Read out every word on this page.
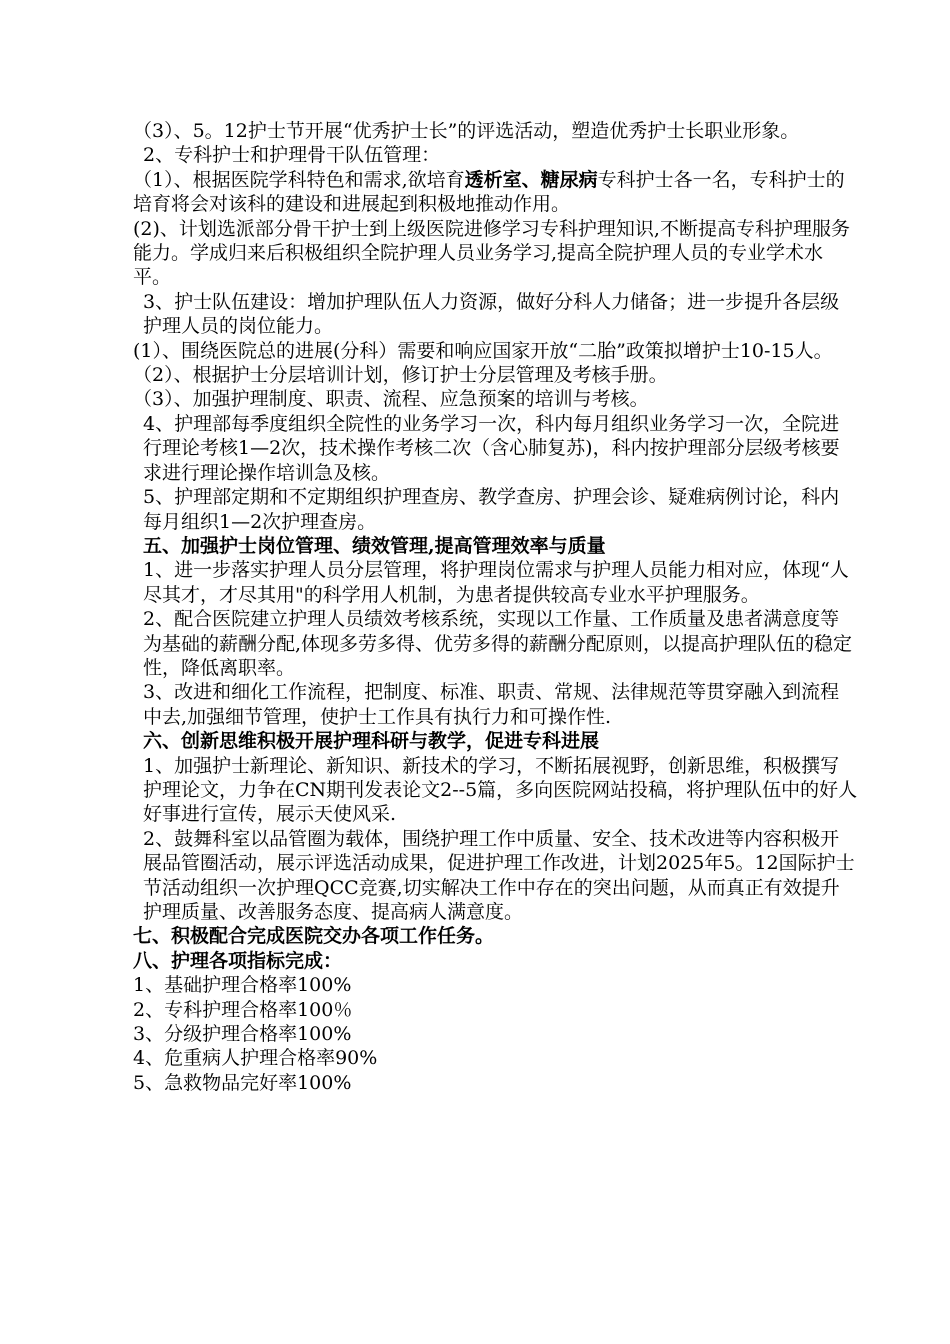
（3）、5。12护士节开展“优秀护士长”的评选活动，塑造优秀护士长职业形象。

2、专科护士和护理骨干队伍管理：

（1）、根据医院学科特色和需求,欲培育透析室、糖尿病专科护士各一名，专科护士的培育将会对该科的建设和进展起到积极地推动作用。

(2)、计划选派部分骨干护士到上级医院进修学习专科护理知识,不断提高专科护理服务能力。学成归来后积极组织全院护理人员业务学习,提高全院护理人员的专业学术水平。

3、护士队伍建设：增加护理队伍人力资源，做好分科人力储备；进一步提升各层级护理人员的岗位能力。

(1）、围绕医院总的进展(分科）需要和响应国家开放“二胎”政策拟增护士10-15人。

（2）、根据护士分层培训计划，修订护士分层管理及考核手册。

（3）、加强护理制度、职责、流程、应急预案的培训与考核。

4、护理部每季度组织全院性的业务学习一次，科内每月组织业务学习一次，全院进行理论考核1—2次，技术操作考核二次（含心肺复苏)，科内按护理部分层级考核要求进行理论操作培训急及核。

5、护理部定期和不定期组织护理查房、教学查房、护理会诊、疑难病例讨论，科内每月组织1—2次护理查房。

五、加强护士岗位管理、绩效管理,提高管理效率与质量

1、进一步落实护理人员分层管理，将护理岗位需求与护理人员能力相对应，体现“人尽其才，才尽其用"的科学用人机制，为患者提供较高专业水平护理服务。

2、配合医院建立护理人员绩效考核系统，实现以工作量、工作质量及患者满意度等为基础的薪酬分配,体现多劳多得、优劳多得的薪酬分配原则，以提高护理队伍的稳定性，降低离职率。

3、改进和细化工作流程，把制度、标准、职责、常规、法律规范等贯穿融入到流程中去,加强细节管理，使护士工作具有执行力和可操作性.

六、创新思维积极开展护理科研与教学，促进专科进展

1、加强护士新理论、新知识、新技术的学习，不断拓展视野，创新思维，积极撰写护理论文，力争在CN期刊发表论文2--5篇，多向医院网站投稿，将护理队伍中的好人好事进行宣传，展示天使风采.

2、鼓舞科室以品管圈为载体，围绕护理工作中质量、安全、技术改进等内容积极开展品管圈活动，展示评选活动成果，促进护理工作改进，计划2025年5。12国际护士节活动组织一次护理QCC竞赛,切实解决工作中存在的突出问题，从而真正有效提升护理质量、改善服务态度、提高病人满意度。

七、积极配合完成医院交办各项工作任务。

八、护理各项指标完成：

1、基础护理合格率100%

2、专科护理合格率100％

3、分级护理合格率100%

4、危重病人护理合格率90%

5、急救物品完好率100%
